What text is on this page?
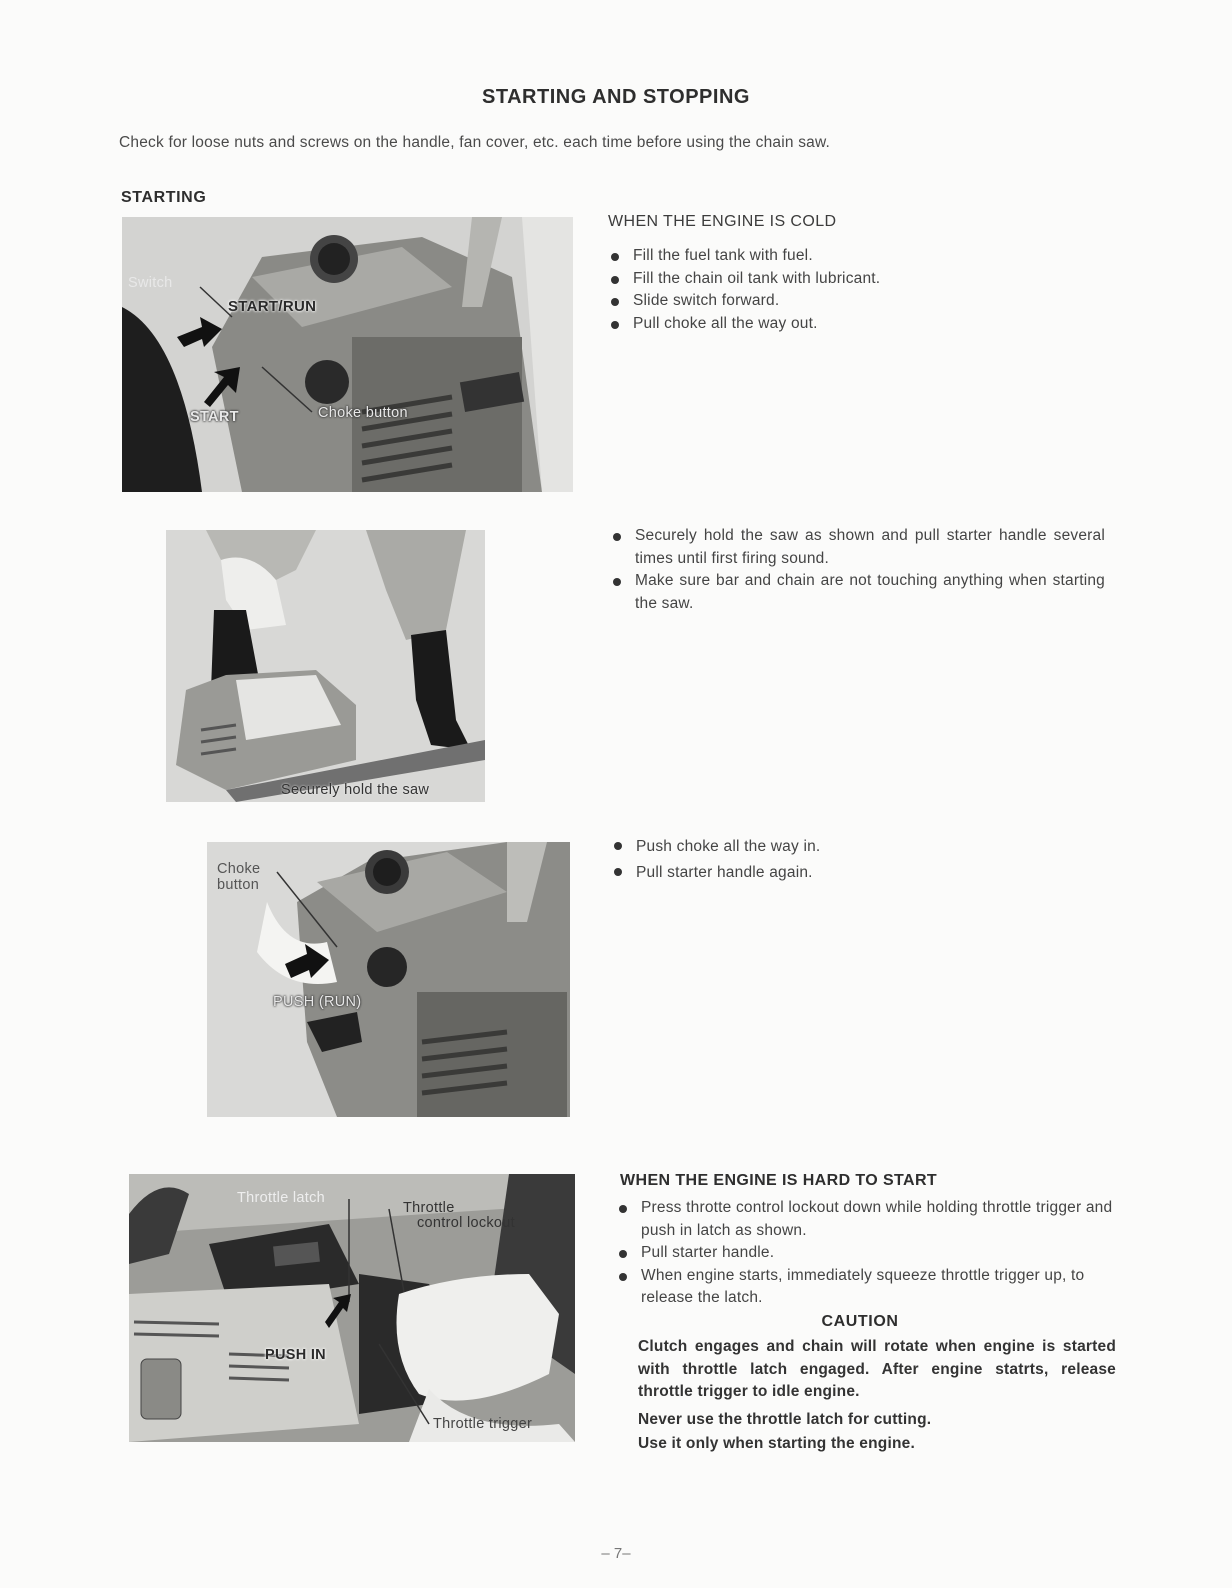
STARTING AND STOPPING
Check for loose nuts and screws on the handle, fan cover, etc. each time before using the chain saw.
STARTING
Switch
START/RUN
START	Choke button
WHEN THE ENGINE IS COLD
Fill the fuel tank with fuel.
Fill the chain oil tank with lubricant.
Slide switch forward.
Pull choke all the way out.
Securely hold the saw
Securely hold the saw as shown and pull starter handle several times until first firing sound.
Make sure bar and chain are not touching anything when starting the saw.
Choke
button
PUSH (RUN)
Push choke all the way in.
Pull starter handle again.
Throttle latch
Throttle
control lockout
PUSH IN
Throttle trigger
WHEN THE ENGINE IS HARD TO START
Press throtte control lockout down while holding throttle trigger and push in latch as shown.
Pull starter handle.
When engine starts, immediately squeeze throttle trigger up, to release the latch.
CAUTION

Clutch engages and chain will rotate when engine is started with throttle latch engaged. After engine statrts, release throttle trigger to idle engine.

Never use the throttle latch for cutting.

Use it only when starting the engine.

– 7–
